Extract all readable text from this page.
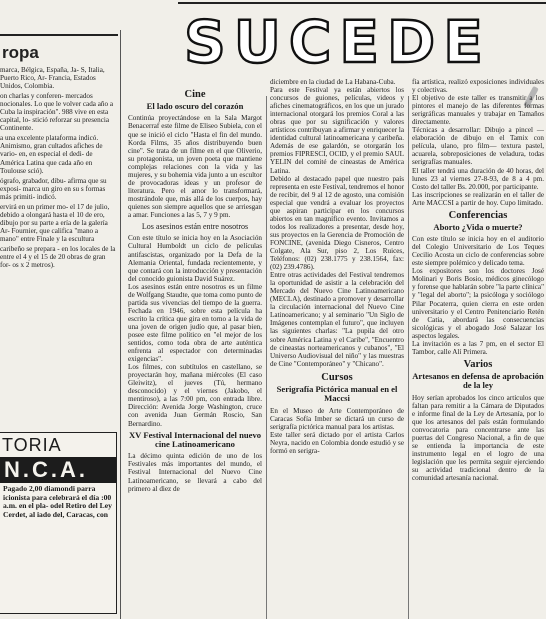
ropa

marca, Bélgica, España, Ja- S, Italia, Puerto Rico, Ar- Francia, Estados Unidos, Colombia.

on charlas y conferen- mercados nocionales. Lo que le volver cada año a Cuba la inspiración". 988 vive en esta capital, lo- stició reforzar su presencia Continente.

a una excelente plataforma indicó. Animismo, gran cultados afiches de vario- en, en especial el dedi- de América Latina que cada año en Toulouse sció).

ógrafo, grabador, dibu- afirma que su exposi- marca un giro en su s formas más primiti- indicó.

ervirá en un primer mo- el 17 de julio, debido a olongará hasta el 10 de ero, dibujo por su parte a ería de la galería Ar- Fournier, que califica "mano a mano" entre Finale y la escultura

caribeño se prepara - en los locales de la entre el 4 y el 15 de 20 obras de gran for- os x 2 metros).

TORIA
N.C.A.

Pagado 2,00 diamondi parra icionista para celebrará el día :00 a.m. en el pla- odel Retiro del Ley Cerdet, al iado del, Caracas, con

SUCEDE
Cine
El lado oscuro del corazón

Continúa proyectándose en la Sala Margot Benacerraf este filme de Eliseo Subiela, con el que se inició el ciclo "Hasta el fin del mundo. Korda Films, 35 años distribuyendo buen cine". Se trata de un filme en el que Oliverio, su protagonista, un joven poeta que mantiene complejas relaciones con la vida y las mujeres, y su bohemia vida junto a un escultor de provocadoras ideas y un profesor de literatura. Pero el amor lo transformará, mostrándole que, más allá de los cuerpos, hay quienes son siempre aquellos que se arriesgan a amar. Funciones a las 5, 7 y 9 pm.

Los asesinos están entre nosotros

Con este título se inicia hoy en la Asociación Cultural Humboldt un ciclo de películas antifascistas, organizado por la Defa de la Alemania Oriental, fundada recientemente, y que contará con la introducción y presentación del conocido guionista David Suárez.

Los asesinos están entre nosotros es un filme de Wolfgang Staudte, que toma como punto de partida sus vivencias del tiempo de la guerra. Fechada en 1946, sobre esta película ha escrito la crítica que gira en torno a la vida de una joven de origen judío que, al pasar bien, posee este filme político en "el mejor de los sentidos, como toda obra de arte auténtica enfrenta al espectador con determinadas exigencias".

Los filmes, con subtítulos en castellano, se proyectarán hoy, mañana miércoles (El caso Gleiwitz), el jueves (Tú, hermano desconocido) y el viernes (Jakobo, el mentiroso), a las 7:00 pm, con entrada libre. Dirección: Avenida Jorge Washington, cruce con avenida Juan Germán Roscio, San Bernardino.

XV Festival Internacional del nuevo cine Latinoamericano

La décimo quinta edición de uno de los Festivales más importantes del mundo, el Festival Internacional del Nuevo Cine Latinoamericano, se llevará a cabo del primero al diez de

diciembre en la ciudad de La Habana-Cuba.

Para este Festival ya están abiertos los concursos de guiones, películas, videos y afiches cinematográficos, en los que un jurado internacional otorgará los premios Coral a las obras que por su significación y valores artísticos contribuyan a afirmar y enriquecer la identidad cultural latinoamericana y caribeña. Además de ese galardón, se otorgarán los premios FIPRESCI, OCID, y el premio SAUL YELIN del comité de cineastas de América Latina.

Debido al destacado papel que nuestro país representa en este Festival, tendremos el honor de recibir, del 9 al 12 de agosto, una comisión especial que vendrá a evaluar los proyectos que aspiran participar en los concursos abiertos en tan magnífico evento. Invitamos a todos los realizadores a presentar, desde hoy, sus proyectos en la Gerencia de Promoción de FONCINE, (avenida Diego Cisneros, Centro Colgate, Ala Sur, piso 2, Los Ruices, Teléfonos: (02) 238.1775 y 238.1564, fax: (02) 239.4786).

Entre otras actividades del Festival tendremos la oportunidad de asistir a la celebración del Mercado del Nuevo Cine Latinoamericano (MECLA), destinado a promover y desarrollar la circulación internacional del Nuevo Cine Latinoamericano; y al seminario "Un Siglo de Imágenes contemplan el futuro", que incluyen las siguientes charlas: "La pupila del otro sobre América Latina y el Caribe", "Encuentro de cineastas norteamericanos y cubanos", "El Universo Audiovisual del niño" y las muestras de Cine "Contemporáneo" y "Chicano".

Cursos
Serigrafía Pictórica manual en el Maccsi

En el Museo de Arte Contemporáneo de Caracas Sofía Imber se dictará un curso de serigrafía pictórica manual para los artistas.

Este taller será dictado por el artista Carlos Neyra, nacido en Colombia donde estudió y se formó en serigra-

fía artística, realizó exposiciones individuales y colectivas.

El objetivo de este taller es transmitir a los pintores el manejo de las diferentes formas serigráficas manuales y trabajar en Tamaños directamente.

Técnicas a desarrollar: Dibujo a pincel —elaboración de dibujo en el Tamix con película, ulano, pro film— textura pastel, acuarela, sobreposiciones de veladura, todas serigrafías manuales.

El taller tendrá una duración de 40 horas, del lunes 23 al viernes 27-8-93, de 8 a 4 pm. Costo del taller Bs. 20.000, por participante.

Las inscripciones se realizarán en el taller de Arte MACCSI a partir de hoy. Cupo limitado.

Conferencias
Aborto ¿Vida o muerte?

Con este título se inicia hoy en el auditorio del Colegio Universitario de Los Teques Cecilio Acosta un ciclo de conferencias sobre este siempre polémico y delicado tema.

Los expositores son los doctores José Molinari y Boris Bosio, médicos ginecólogo y forense que hablarán sobre "la parte clínica" y "legal del aborto"; la psicóloga y sociólogo Pilar Pocaterra, quien cierra en este orden universitario y el Centro Penitenciario Retén de Catia, abordará las consecuencias sicológicas y el abogado José Salazar los aspectos legales.

La invitación es a las 7 pm, en el sector El Tambor, calle Alí Primera.

Varios
Artesanos en defensa de aprobación de la ley

Hoy serían aprobados los cinco artículos que faltan para remitir a la Cámara de Diputados e informe final de la Ley de Artesanía, por lo que los artesanos del país están formulando convocatoria para concentrarse ante las puertas del Congreso Nacional, a fin de que se entienda la importancia de este instrumento legal en el logro de una legislación que les permita seguir ejerciendo su actividad tradicional dentro de la comunidad artesanía nacional.
